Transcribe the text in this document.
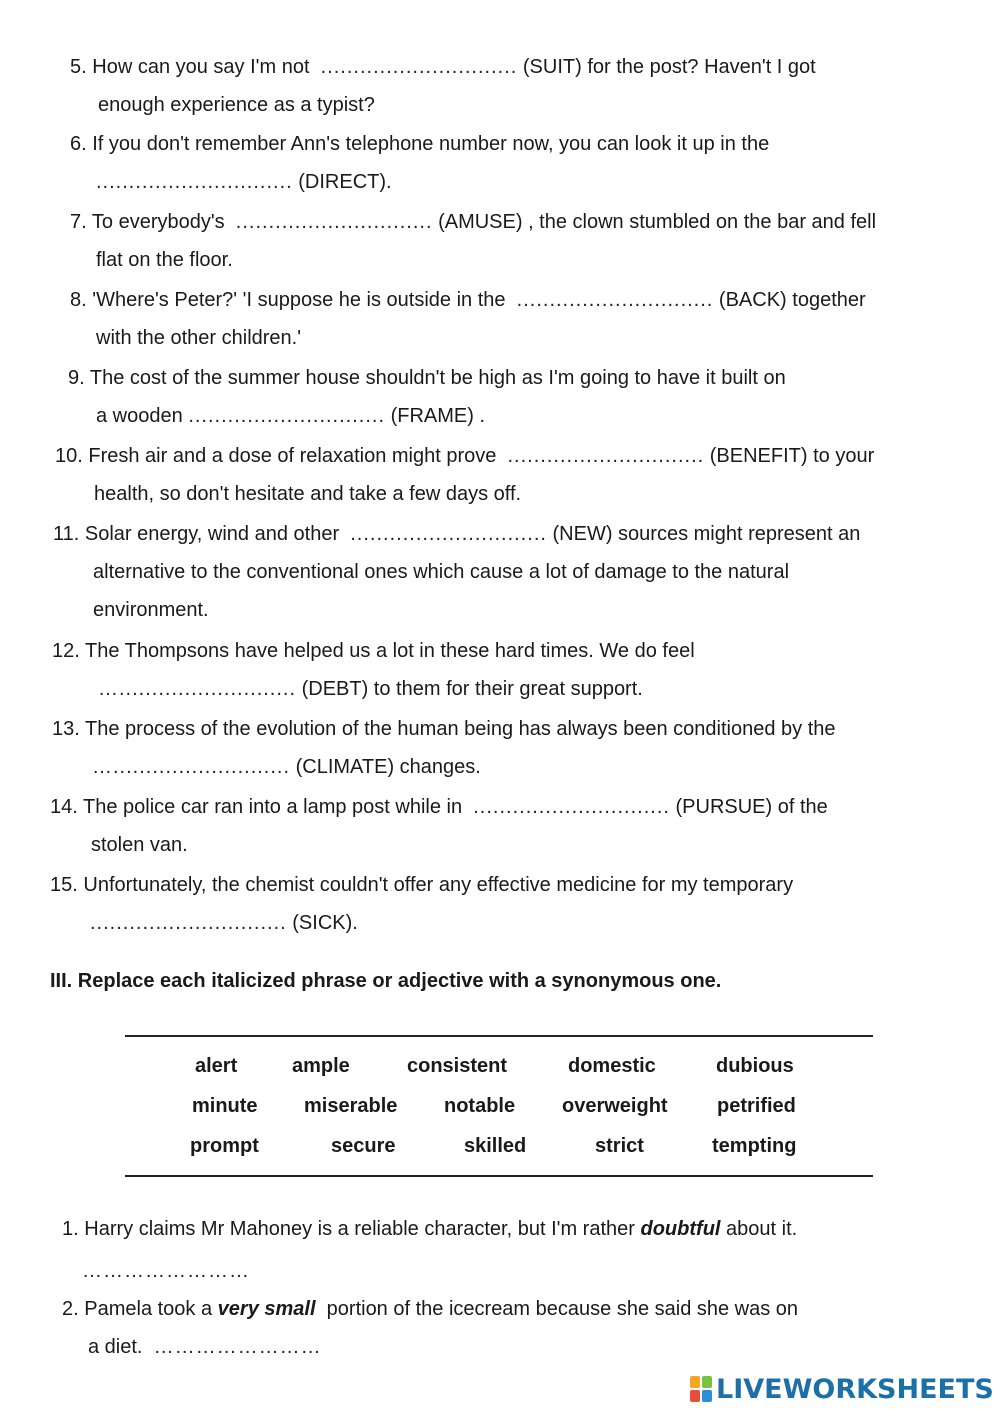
5. How can you say I'm not .............................. (SUIT) for the post? Haven't I got
enough experience as a typist?
6. If you don't remember Ann's telephone number now, you can look it up in the
.............................. (DIRECT).
7. To everybody's .............................. (AMUSE) , the clown stumbled on the bar and fell
flat on the floor.
8. 'Where's Peter?' 'I suppose he is outside in the .............................. (BACK) together
with the other children.'
9. The cost of the summer house shouldn't be high as I'm going to have it built on
a wooden .............................. (FRAME) .
10. Fresh air and a dose of relaxation might prove .............................. (BENEFIT) to your
health, so don't hesitate and take a few days off.
11. Solar energy, wind and other .............................. (NEW) sources might represent an
alternative to the conventional ones which cause a lot of damage to the natural
environment.
12. The Thompsons have helped us a lot in these hard times. We do feel
…........................... (DEBT) to them for their great support.
13. The process of the evolution of the human being has always been conditioned by the
…........................... (CLIMATE) changes.
14. The police car ran into a lamp post while in .............................. (PURSUE) of the
stolen van.
15. Unfortunately, the chemist couldn't offer any effective medicine for my temporary
.............................. (SICK).
III. Replace each italicized phrase or adjective with a synonymous one.
alert	ample	consistent	domestic	dubious
minute miserable notable overweight petrified
prompt	secure	skilled	strict	tempting
1. Harry claims Mr Mahoney is a reliable character, but I'm rather doubtful about it.
……………………
2. Pamela took a very small portion of the icecream because she said she was on
a diet. ……………………
LIVEWORKSHEETS
